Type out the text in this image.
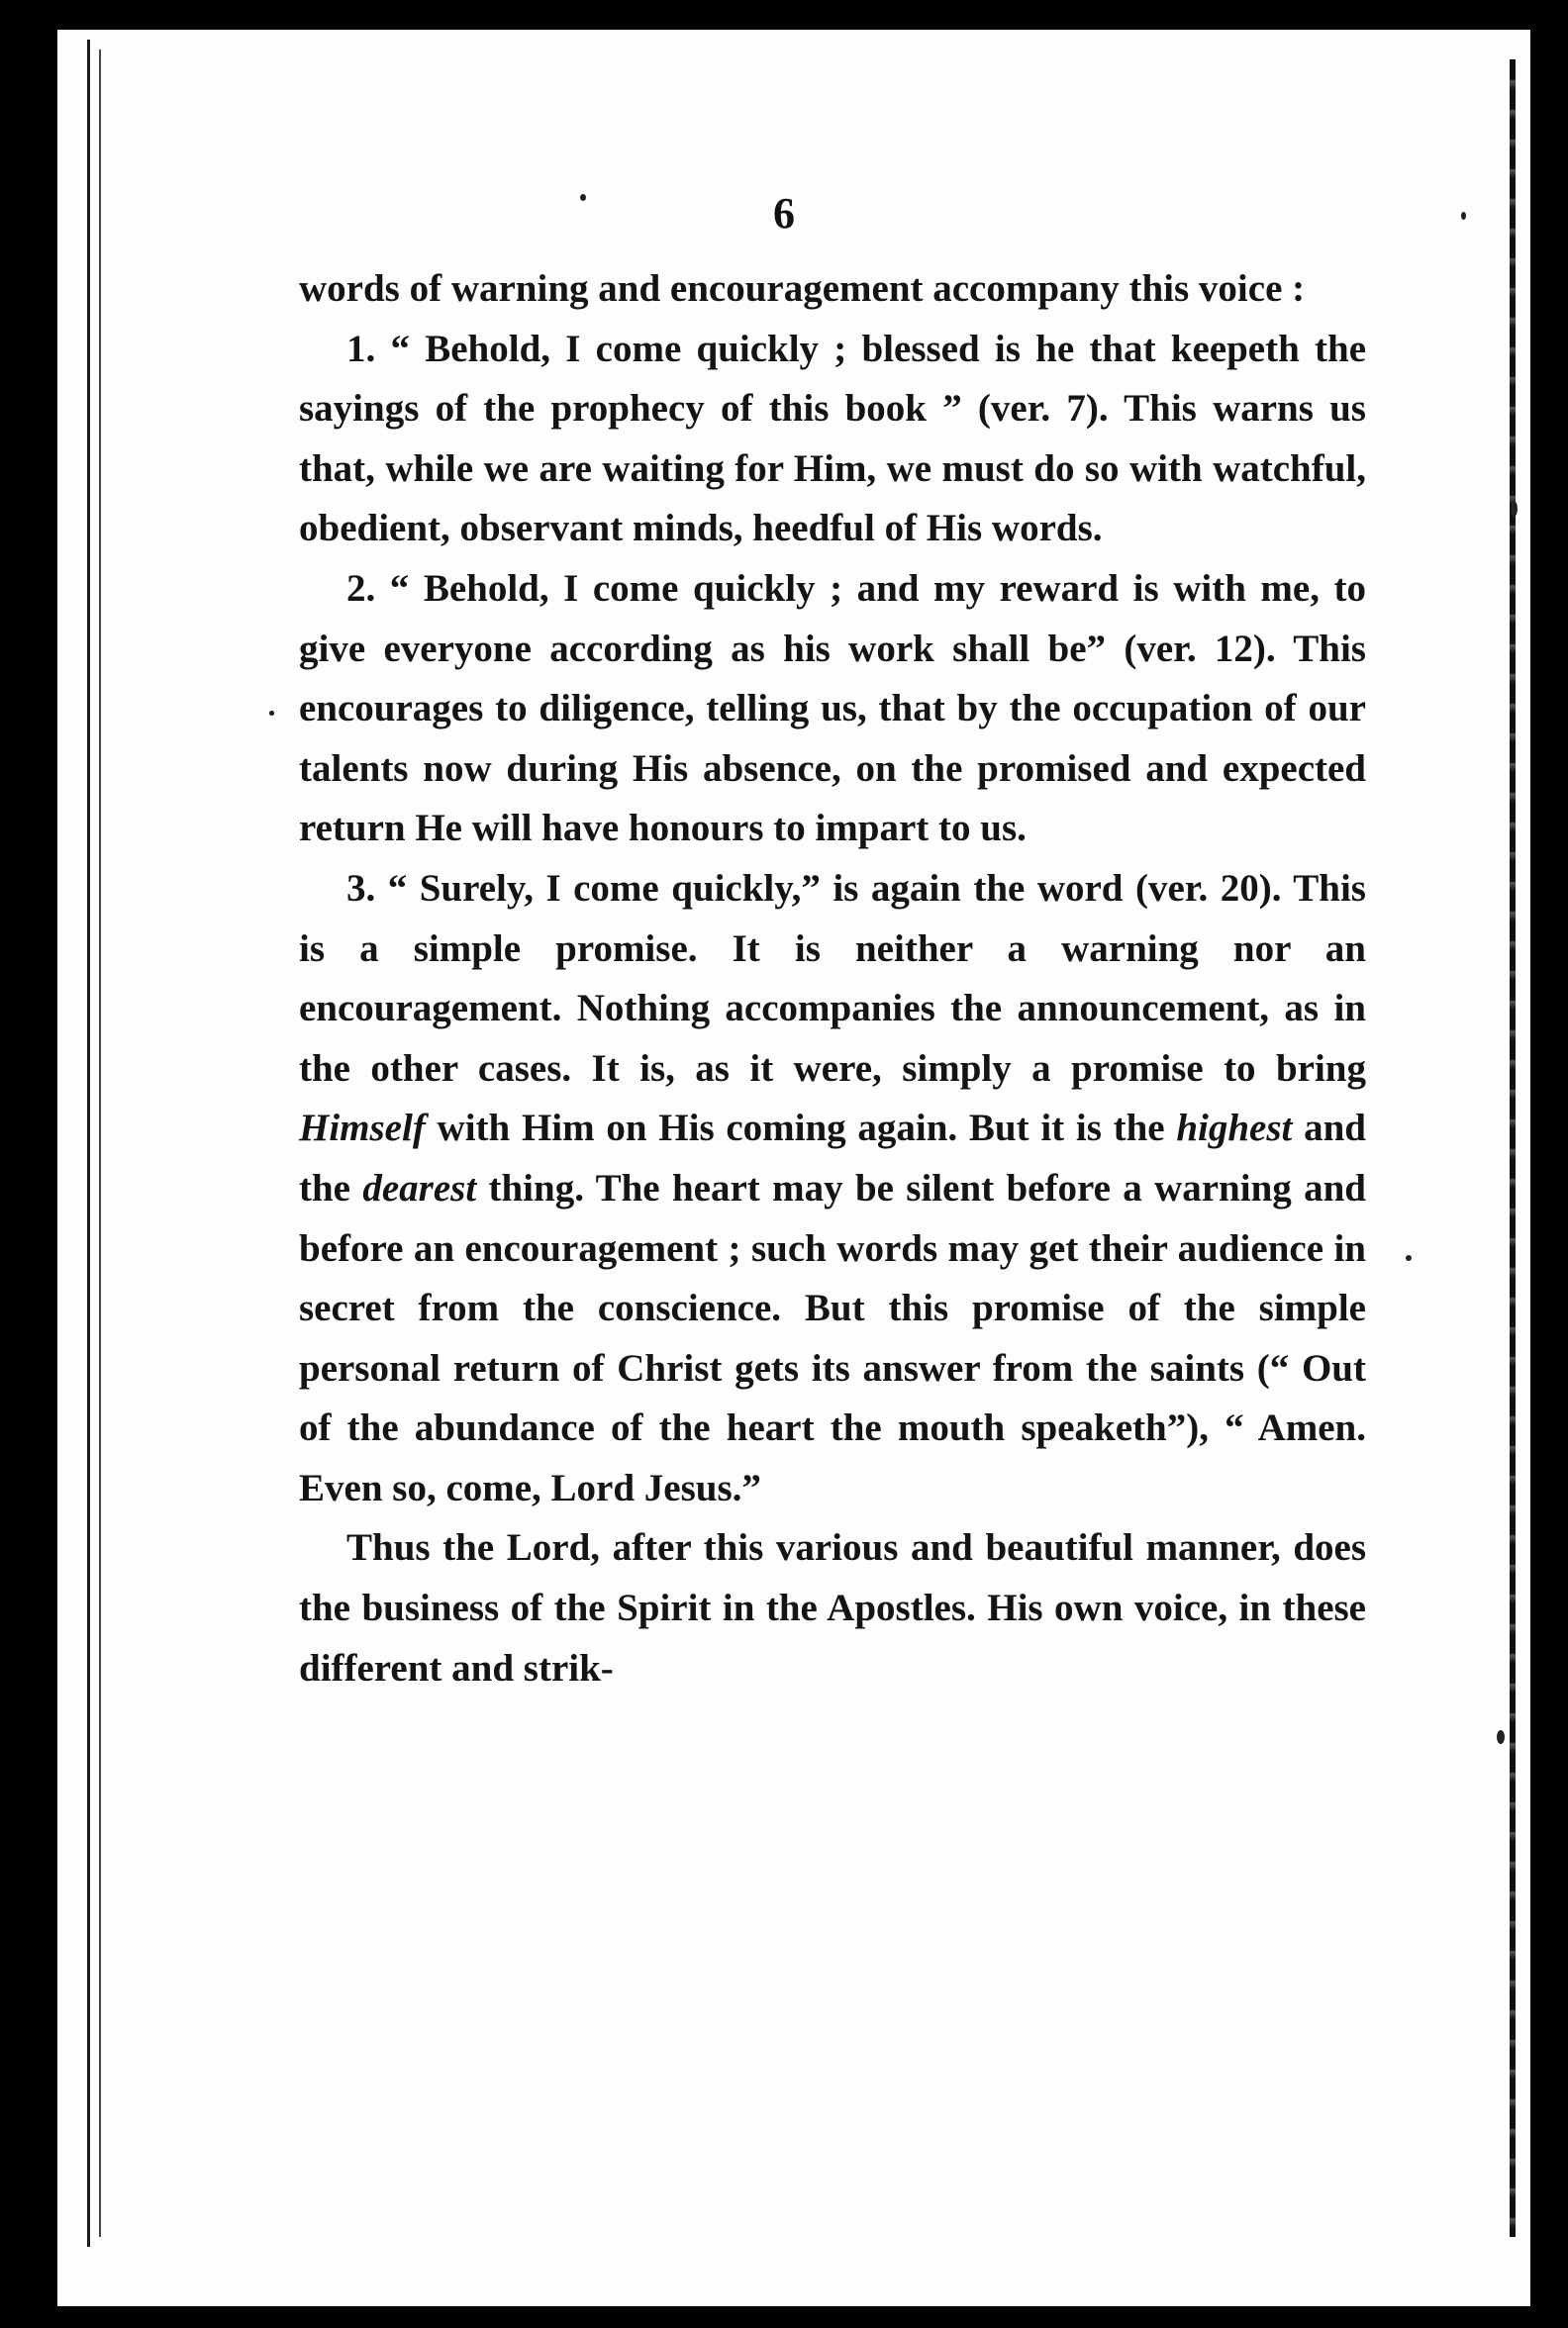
6

words of warning and encouragement accompany this voice :

1. “ Behold, I come quickly ; blessed is he that keepeth the sayings of the prophecy of this book ” (ver. 7). This warns us that, while we are waiting for Him, we must do so with watchful, obedient, observant minds, heedful of His words.

2. “ Behold, I come quickly ; and my reward is with me, to give everyone according as his work shall be” (ver. 12). This encourages to diligence, telling us, that by the occupation of our talents now during His absence, on the promised and expected return He will have honours to impart to us.

3. “ Surely, I come quickly,” is again the word (ver. 20). This is a simple promise. It is neither a warning nor an encouragement. Nothing accompanies the announcement, as in the other cases. It is, as it were, simply a promise to bring Himself with Him on His coming again. But it is the highest and the dearest thing. The heart may be silent before a warning and before an encouragement ; such words may get their audience in secret from the conscience. But this promise of the simple personal return of Christ gets its answer from the saints (“ Out of the abundance of the heart the mouth speaketh”), “ Amen. Even so, come, Lord Jesus.”

Thus the Lord, after this various and beautiful manner, does the business of the Spirit in the Apostles. His own voice, in these different and strik-
